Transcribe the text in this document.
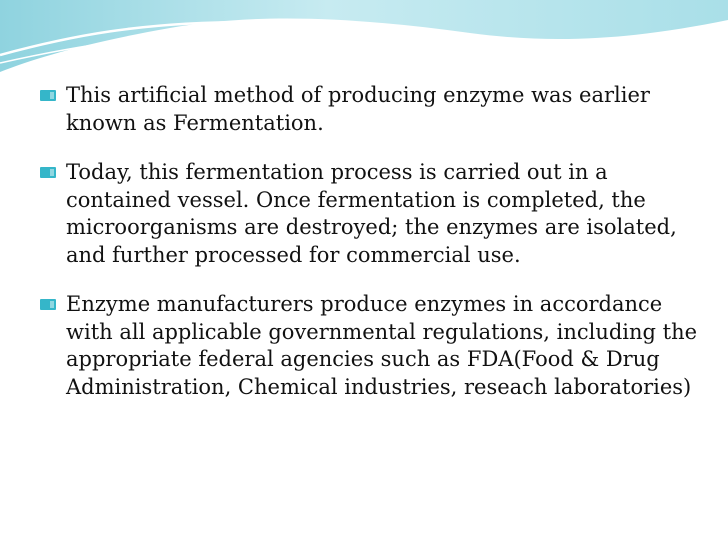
This artificial method of producing enzyme was earlier known as Fermentation.
Today, this fermentation process is carried out in a contained vessel. Once fermentation is completed, the microorganisms are destroyed; the enzymes are isolated, and further processed for commercial use.
Enzyme manufacturers produce enzymes in accordance with all applicable governmental regulations, including the appropriate federal agencies such as FDA(Food & Drug Administration, Chemical industries, reseach laboratories)
